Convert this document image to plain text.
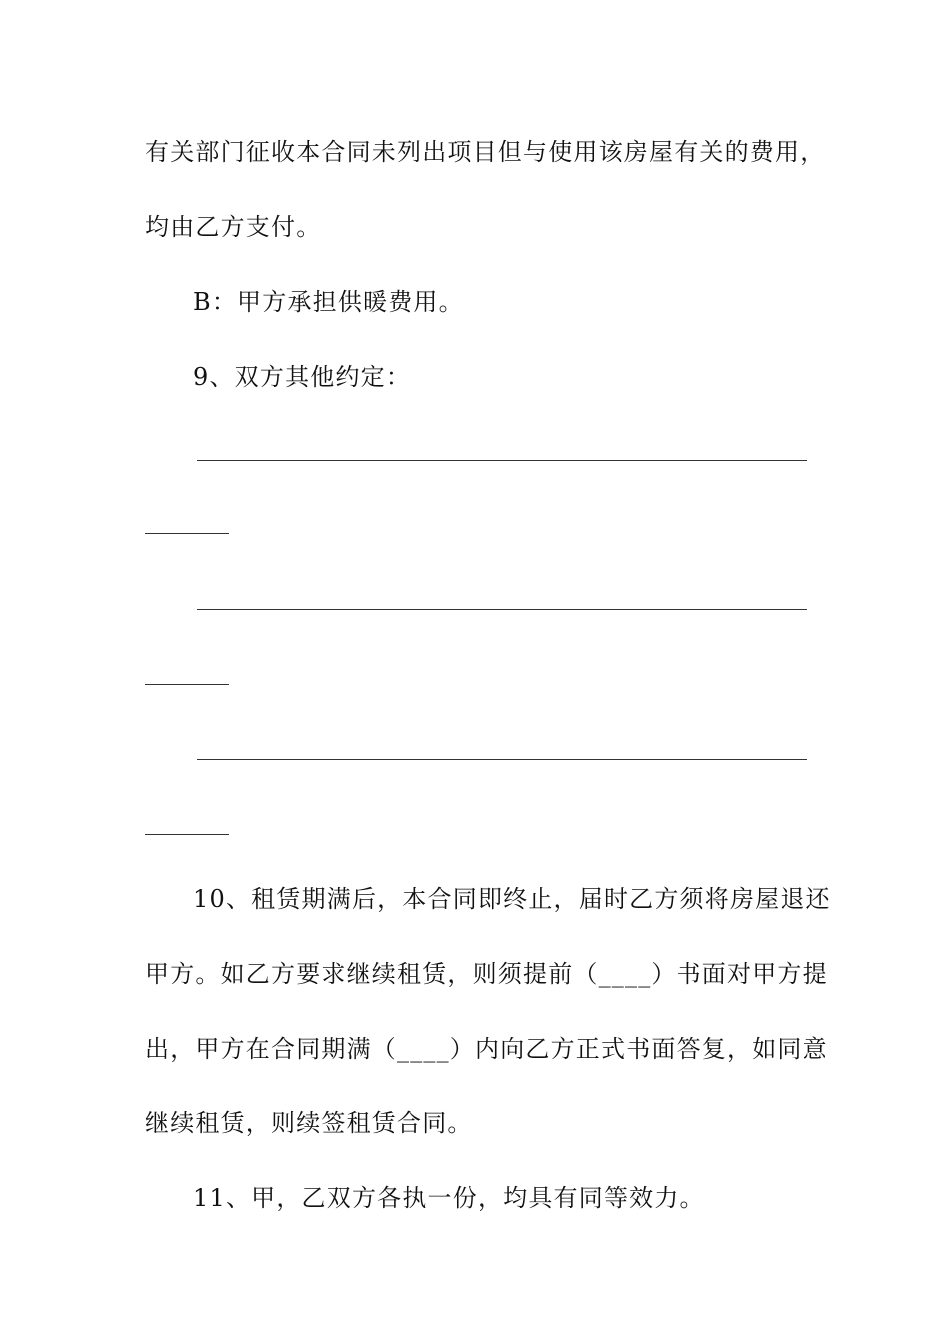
有关部门征收本合同未列出项目但与使用该房屋有关的费用，
均由乙方支付。
B：甲方承担供暖费用。
9、双方其他约定：
10、租赁期满后，本合同即终止，届时乙方须将房屋退还
甲方。如乙方要求继续租赁，则须提前（____）书面对甲方提
出，甲方在合同期满（____）内向乙方正式书面答复，如同意
继续租赁，则续签租赁合同。
11、甲，乙双方各执一份，均具有同等效力。
